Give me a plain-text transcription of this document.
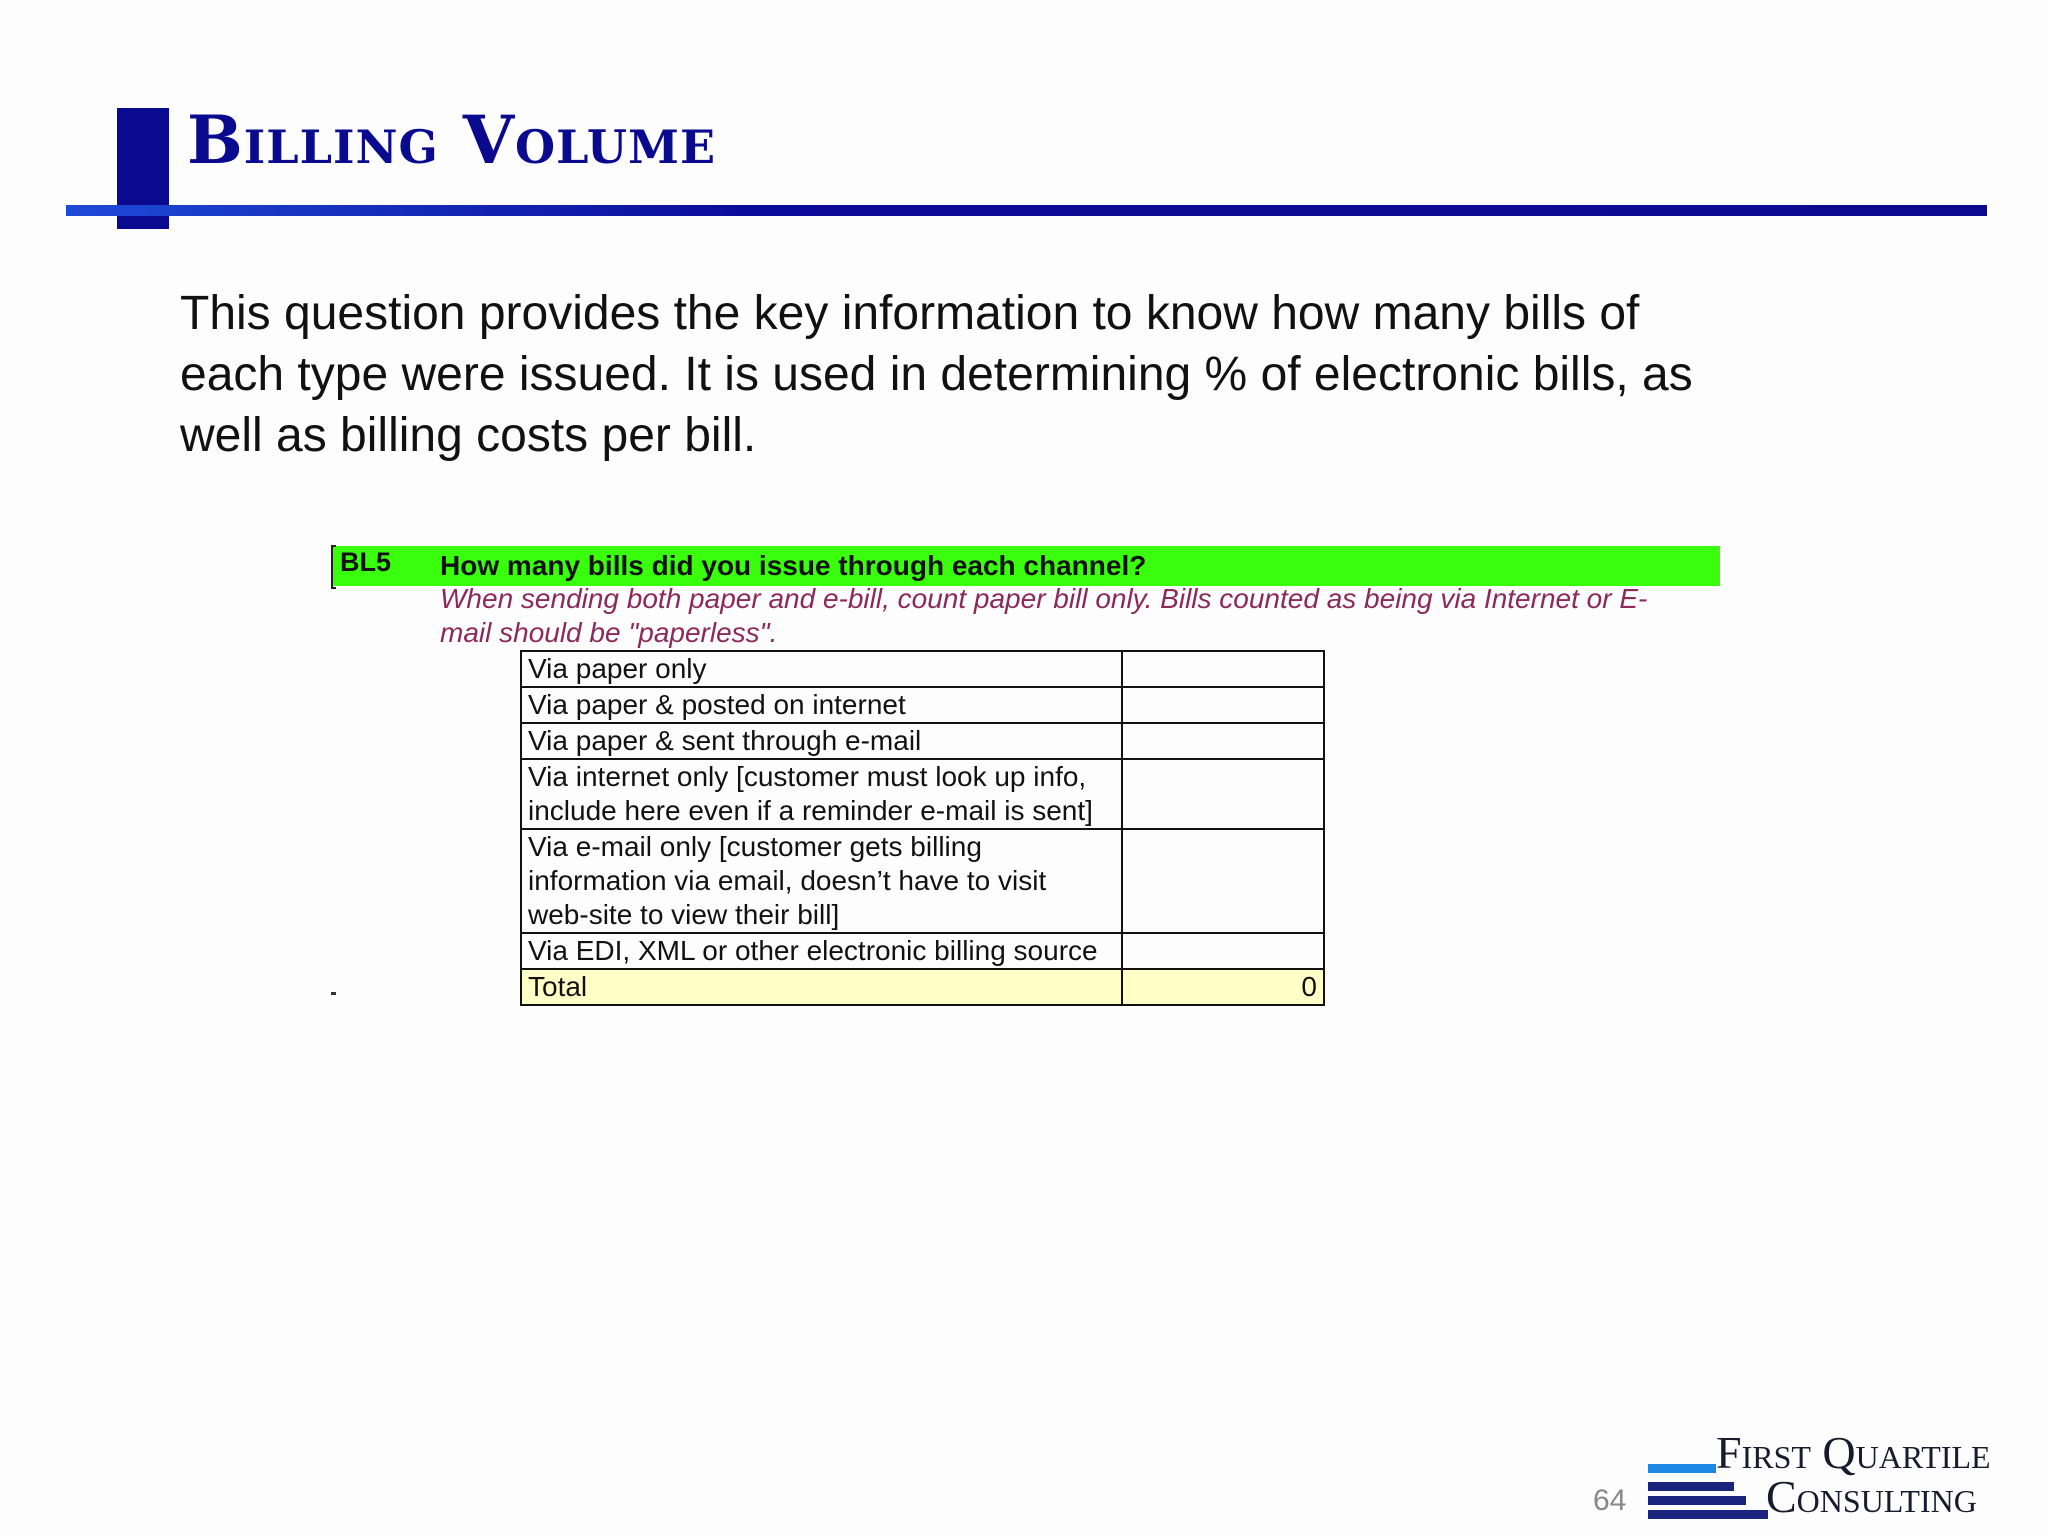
Billing Volume

This question provides the key information to know how many bills of

each type were issued. It is used in determining % of electronic bills, as

well as billing costs per bill.

BL5 How many bills did you issue through each channel?

When sending both paper and e-bill, count paper bill only. Bills counted as being via Internet or E-

mail should be "paperless".

Via paper only	

Via paper & posted on internet	

Via paper & sent through e-mail	

Via internet only [customer must look up info,
include here even if a reminder e-mail is sent]	

Via e-mail only [customer gets billing
information via email, doesn’t have to visit
web-site to view their bill]	

Via EDI, XML or other electronic billing source	

Total	0
64
First Quartile
Consulting
